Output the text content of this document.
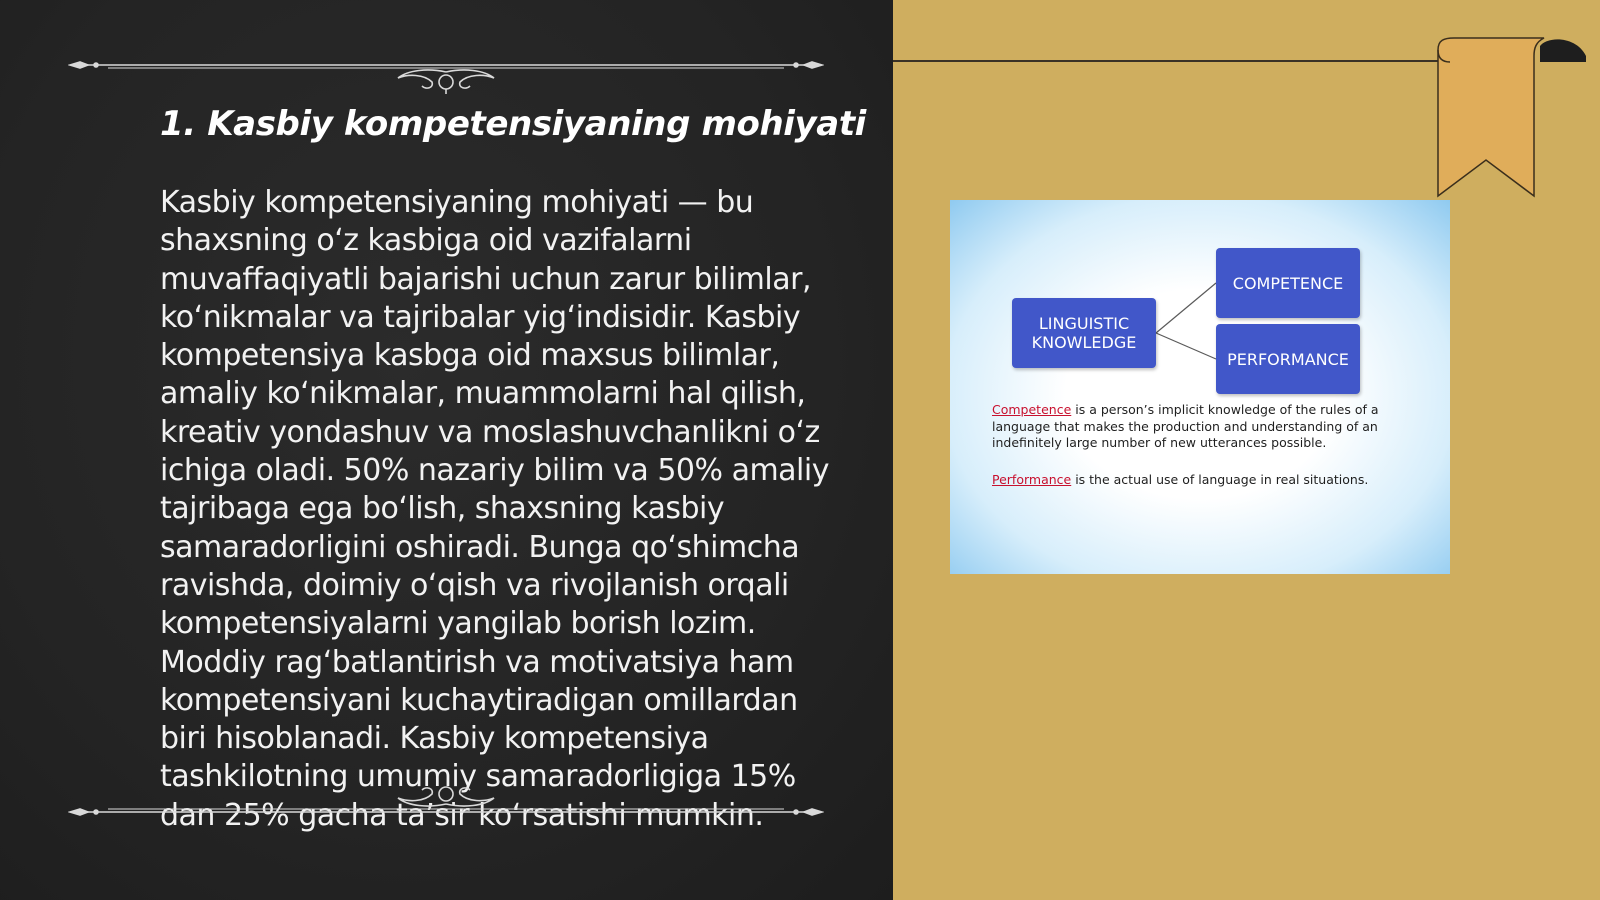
1. Kasbiy kompetensiyaning mohiyati

Kasbiy kompetensiyaning mohiyati — bu shaxsning o‘z kasbiga oid vazifalarni muvaffaqiyatli bajarishi uchun zarur bilimlar, ko‘nikmalar va tajribalar yig‘indisidir. Kasbiy kompetensiya kasbga oid maxsus bilimlar, amaliy ko‘nikmalar, muammolarni hal qilish, kreativ yondashuv va moslashuvchanlikni o‘z ichiga oladi. 50% nazariy bilim va 50% amaliy tajribaga ega bo‘lish, shaxsning kasbiy samaradorligini oshiradi. Bunga qo‘shimcha ravishda, doimiy o‘qish va rivojlanish orqali kompetensiyalarni yangilab borish lozim. Moddiy rag‘batlantirish va motivatsiya ham kompetensiyani kuchaytiradigan omillardan biri hisoblanadi. Kasbiy kompetensiya tashkilotning umumiy samaradorligiga 15% dan 25% gacha ta’sir ko‘rsatishi mumkin.

LINGUISTIC KNOWLEDGE
COMPETENCE
PERFORMANCE

Competence is a person’s implicit knowledge of the rules of a language that makes the production and understanding of an indefinitely large number of new utterances possible.

Performance is the actual use of language in real situations.
